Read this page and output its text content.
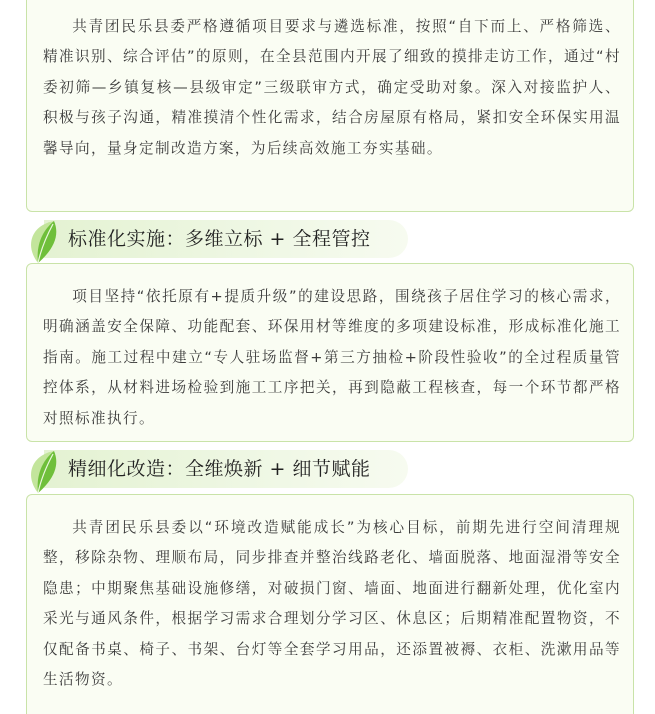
共青团民乐县委严格遵循项目要求与遴选标准，按照“自下而上、严格筛选、精准识别、综合评估”的原则，在全县范围内开展了细致的摸排走访工作，通过“村委初筛—乡镇复核—县级审定”三级联审方式，确定受助对象。深入对接监护人、积极与孩子沟通，精准摸清个性化需求，结合房屋原有格局，紧扣安全环保实用温馨导向，量身定制改造方案，为后续高效施工夯实基础。

标准化实施：多维立标 + 全程管控

项目坚持“依托原有+提质升级”的建设思路，围绕孩子居住学习的核心需求，明确涵盖安全保障、功能配套、环保用材等维度的多项建设标准，形成标准化施工指南。施工过程中建立“专人驻场监督+第三方抽检+阶段性验收”的全过程质量管控体系，从材料进场检验到施工工序把关，再到隐蔽工程核查，每一个环节都严格对照标准执行。

精细化改造：全维焕新 + 细节赋能

共青团民乐县委以“环境改造赋能成长”为核心目标，前期先进行空间清理规整，移除杂物、理顺布局，同步排查并整治线路老化、墙面脱落、地面湿滑等安全隐患；中期聚焦基础设施修缮，对破损门窗、墙面、地面进行翻新处理，优化室内采光与通风条件，根据学习需求合理划分学习区、休息区；后期精准配置物资，不仅配备书桌、椅子、书架、台灯等全套学习用品，还添置被褥、衣柜、洗漱用品等生活物资。
